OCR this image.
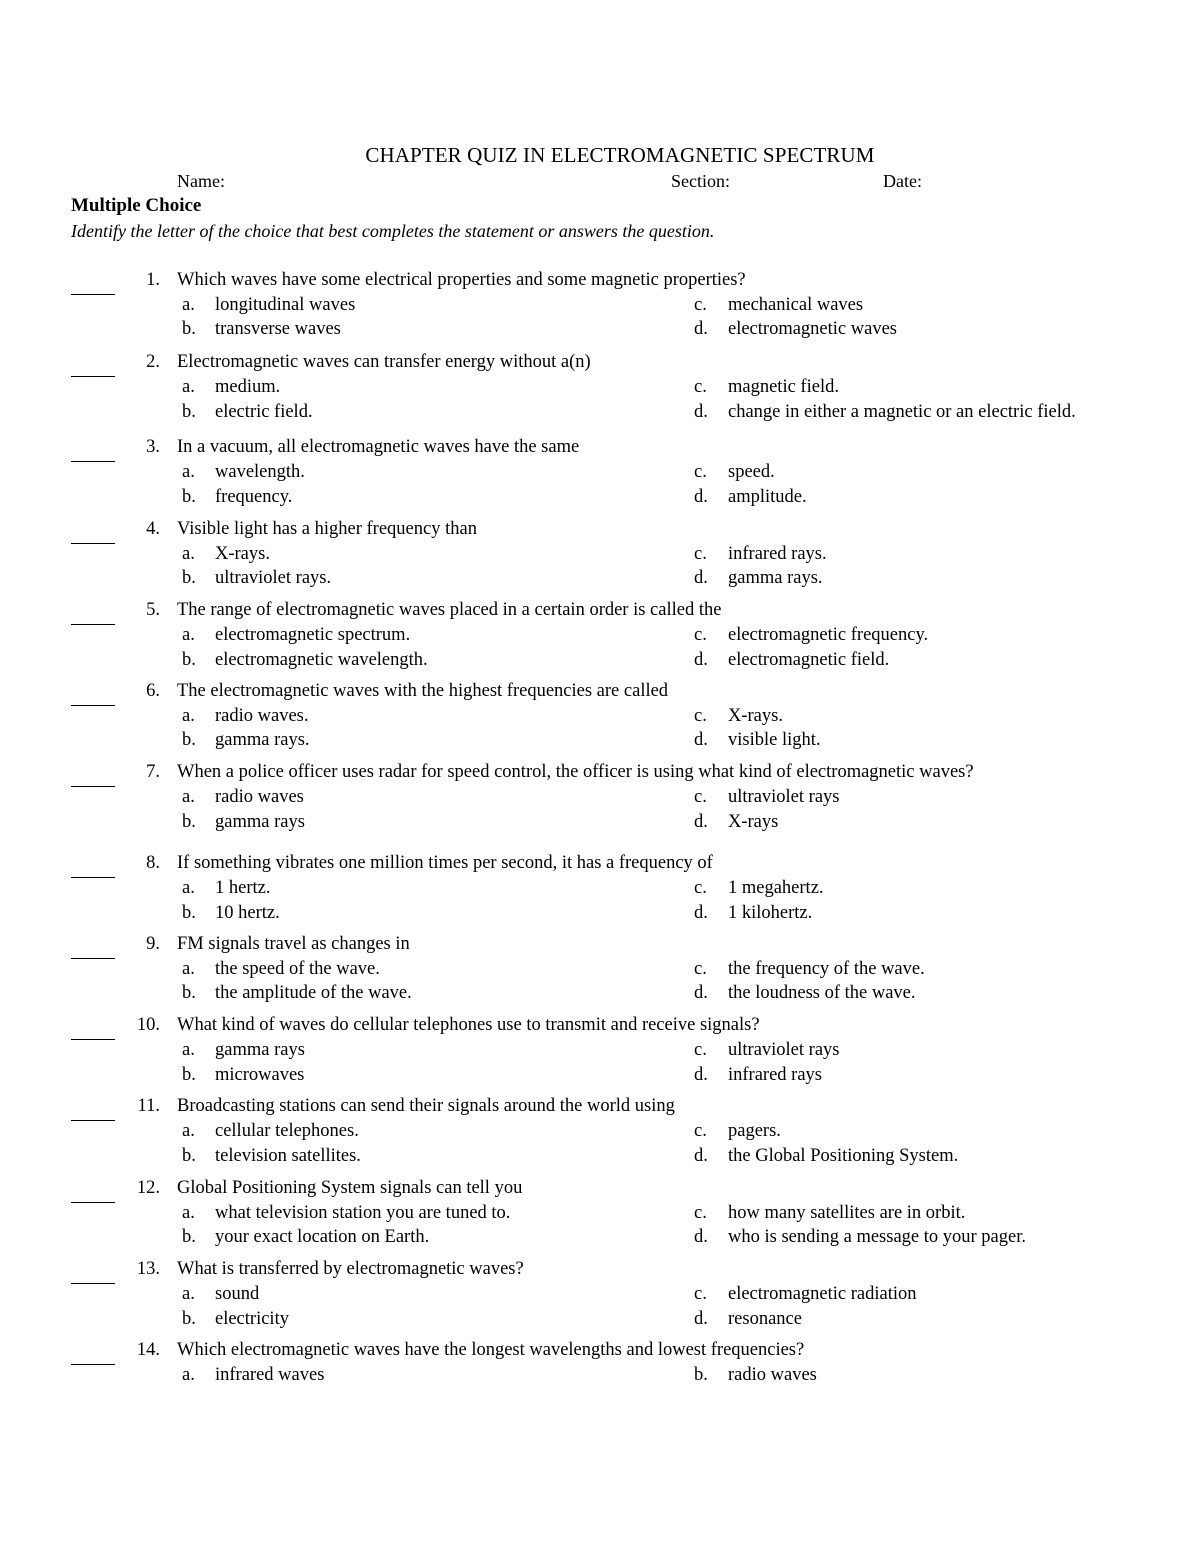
CHAPTER QUIZ IN ELECTROMAGNETIC SPECTRUM
Name:	Section:	Date:
Multiple Choice
Identify the letter of the choice that best completes the statement or answers the question.
1. Which waves have some electrical properties and some magnetic properties?
a.	longitudinal waves
b.	transverse waves
c.	mechanical waves
d.	electromagnetic waves
2. Electromagnetic waves can transfer energy without a(n)
a.	medium.
b.	electric field.
c.	magnetic field.
d.	change in either a magnetic or an electric field.
3. In a vacuum, all electromagnetic waves have the same
a.	wavelength.
b.	frequency.
c.	speed.
d.	amplitude.
4. Visible light has a higher frequency than
a.	X-rays.
b.	ultraviolet rays.
c.	infrared rays.
d.	gamma rays.
5. The range of electromagnetic waves placed in a certain order is called the
a.	electromagnetic spectrum.
b.	electromagnetic wavelength.
c.	electromagnetic frequency.
d.	electromagnetic field.
6. The electromagnetic waves with the highest frequencies are called
a.	radio waves.
b.	gamma rays.
c.	X-rays.
d.	visible light.
7. When a police officer uses radar for speed control, the officer is using what kind of electromagnetic waves?
a.	radio waves
b.	gamma rays
c.	ultraviolet rays
d.	X-rays
8. If something vibrates one million times per second, it has a frequency of
a.	1 hertz.
b.	10 hertz.
c.	1 megahertz.
d.	1 kilohertz.
9. FM signals travel as changes in
a.	the speed of the wave.
b.	the amplitude of the wave.
c.	the frequency of the wave.
d.	the loudness of the wave.
10. What kind of waves do cellular telephones use to transmit and receive signals?
a.	gamma rays
b.	microwaves
c.	ultraviolet rays
d.	infrared rays
11. Broadcasting stations can send their signals around the world using
a.	cellular telephones.
b.	television satellites.
c.	pagers.
d.	the Global Positioning System.
12. Global Positioning System signals can tell you
a.	what television station you are tuned to.
b.	your exact location on Earth.
c.	how many satellites are in orbit.
d.	who is sending a message to your pager.
13. What is transferred by electromagnetic waves?
a.	sound
b.	electricity
c.	electromagnetic radiation
d.	resonance
14. Which electromagnetic waves have the longest wavelengths and lowest frequencies?
a.	infrared waves	b.	radio waves
